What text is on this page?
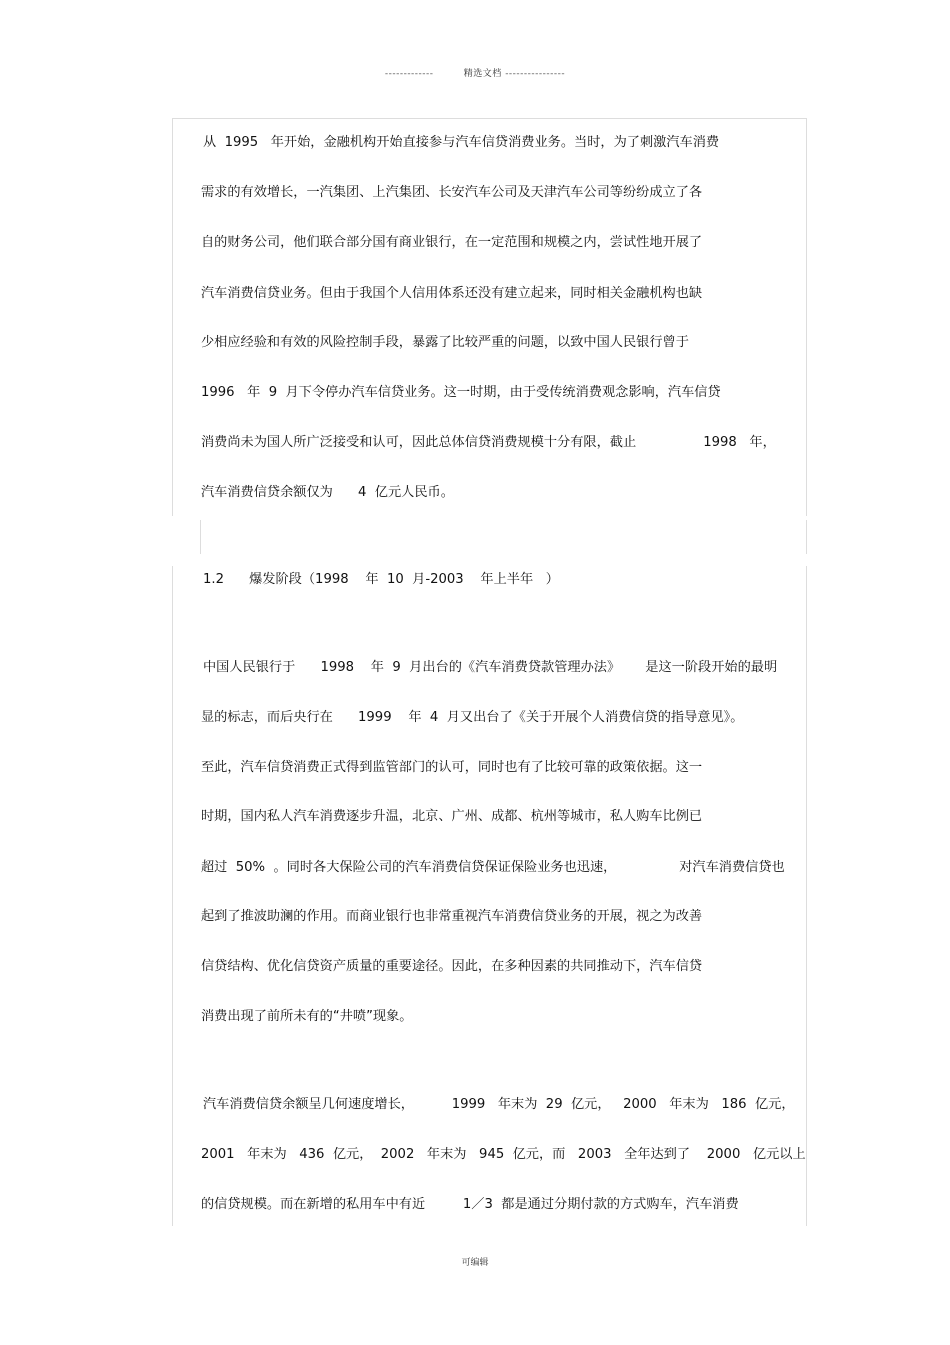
-------------	精选文档 ----------------
从  1995   年开始，金融机构开始直接参与汽车信贷消费业务。当时，为了刺激汽车消费
需求的有效增长，一汽集团、上汽集团、长安汽车公司及天津汽车公司等纷纷成立了各
自的财务公司，他们联合部分国有商业银行，在一定范围和规模之内，尝试性地开展了
汽车消费信贷业务。但由于我国个人信用体系还没有建立起来，同时相关金融机构也缺
少相应经验和有效的风险控制手段，暴露了比较严重的问题，以致中国人民银行曾于
1996   年  9  月下令停办汽车信贷业务。这一时期，由于受传统消费观念影响，汽车信贷
消费尚未为国人所广泛接受和认可，因此总体信贷消费规模十分有限，截止                1998   年，
汽车消费信贷余额仅为      4  亿元人民币。
1.2      爆发阶段（1998    年  10  月-2003    年上半年   ）
中国人民银行于      1998    年  9  月出台的《汽车消费贷款管理办法》      是这一阶段开始的最明
显的标志，而后央行在      1999    年  4  月又出台了《关于开展个人消费信贷的指导意见》。
至此，汽车信贷消费正式得到监管部门的认可，同时也有了比较可靠的政策依据。这一
时期，国内私人汽车消费逐步升温，北京、广州、成都、杭州等城市，私人购车比例已
超过  50%  。同时各大保险公司的汽车消费信贷保证保险业务也迅速，               对汽车消费信贷也
起到了推波助澜的作用。而商业银行也非常重视汽车消费信贷业务的开展，视之为改善
信贷结构、优化信贷资产质量的重要途径。因此，在多种因素的共同推动下，汽车信贷
消费出现了前所未有的“井喷”现象。
汽车消费信贷余额呈几何速度增长，         1999   年末为  29  亿元，   2000   年末为   186  亿元，
2001   年末为   436  亿元，  2002   年末为   945  亿元，而   2003   全年达到了    2000   亿元以上
的信贷规模。而在新增的私用车中有近         1／3  都是通过分期付款的方式购车，汽车消费
可编辑
